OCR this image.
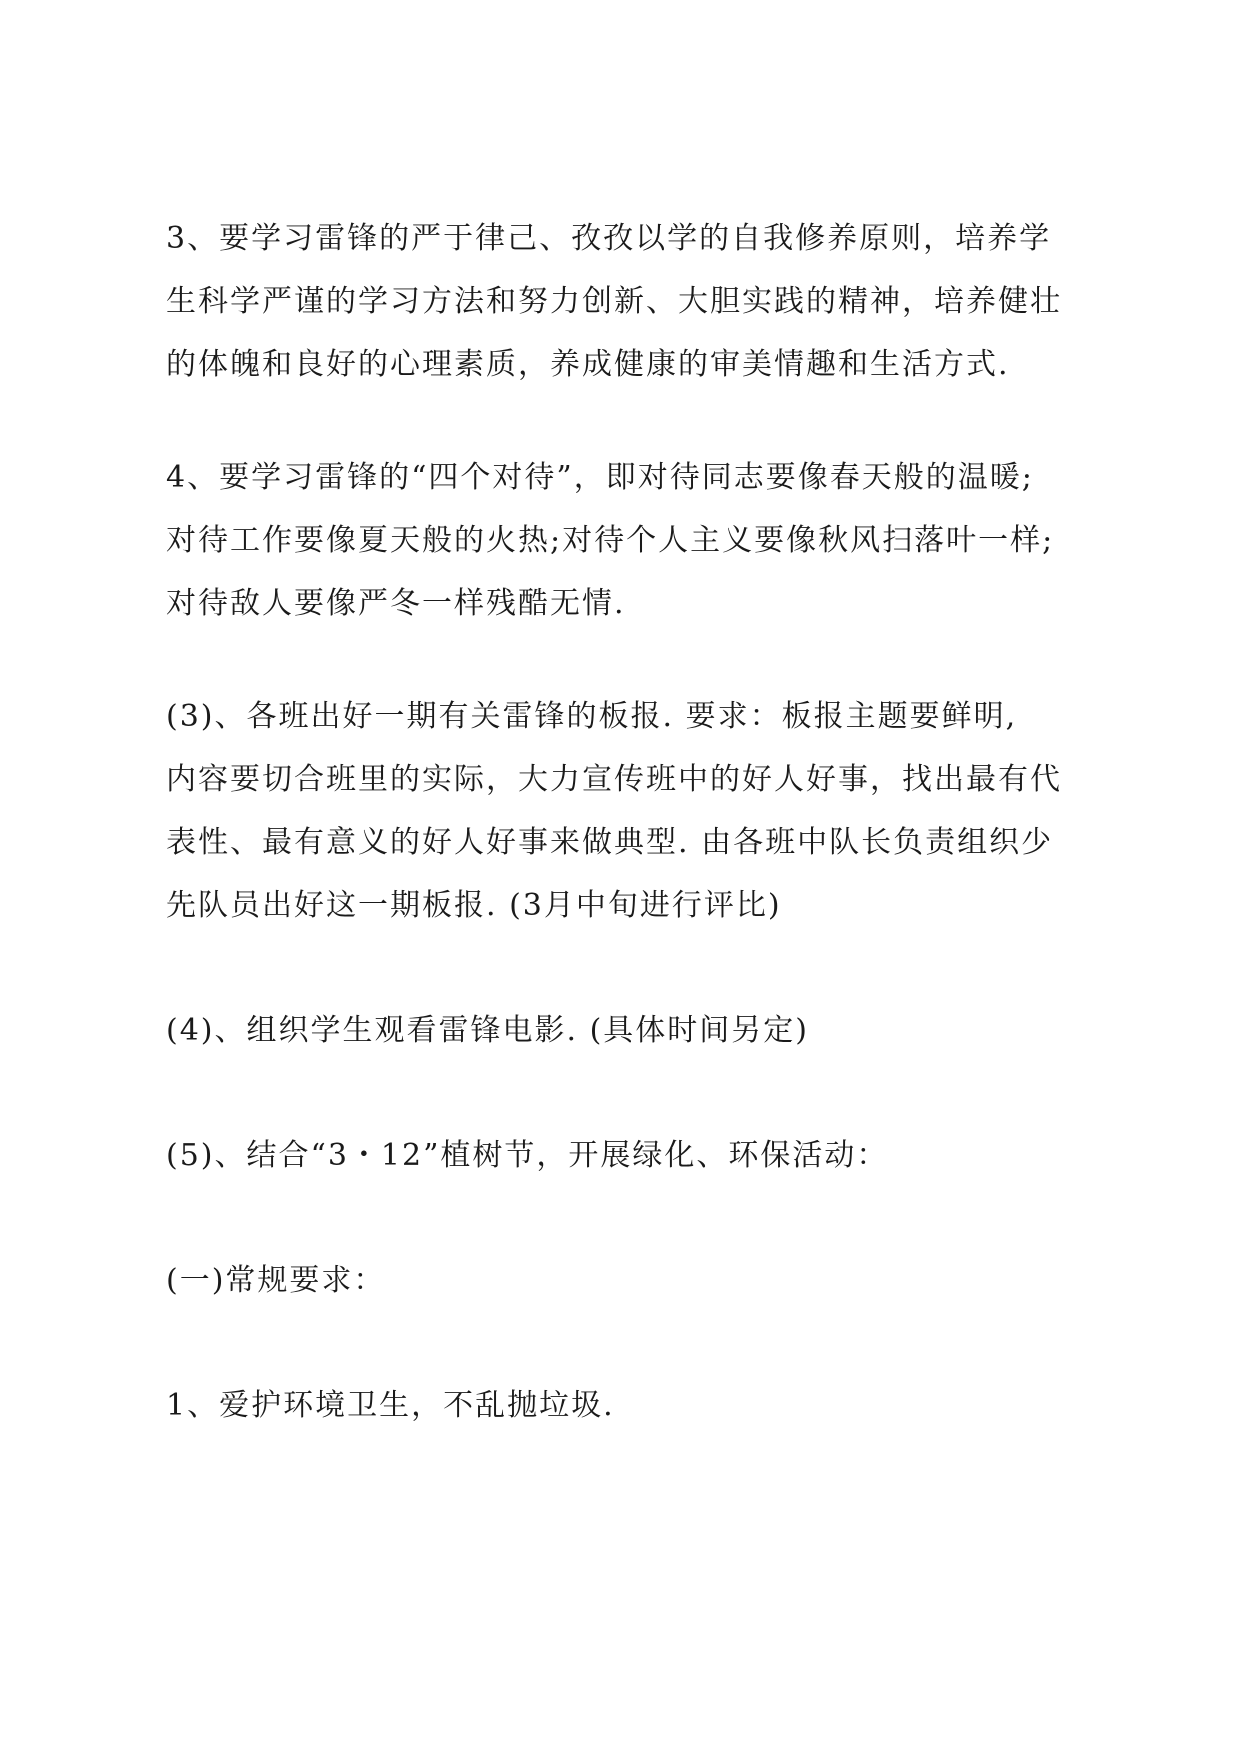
3、要学习雷锋的严于律己、孜孜以学的自我修养原则，培养学
生科学严谨的学习方法和努力创新、大胆实践的精神，培养健壮
的体魄和良好的心理素质，养成健康的审美情趣和生活方式.
4、要学习雷锋的“四个对待”，即对待同志要像春天般的温暖;
对待工作要像夏天般的火热;对待个人主义要像秋风扫落叶一样;
对待敌人要像严冬一样残酷无情.
(3)、各班出好一期有关雷锋的板报. 要求：板报主题要鲜明,
内容要切合班里的实际，大力宣传班中的好人好事，找出最有代
表性、最有意义的好人好事来做典型. 由各班中队长负责组织少
先队员出好这一期板报. (3月中旬进行评比)
(4)、组织学生观看雷锋电影. (具体时间另定)
(5)、结合“3・12”植树节，开展绿化、环保活动：
(一)常规要求：
1、爱护环境卫生，不乱抛垃圾.
